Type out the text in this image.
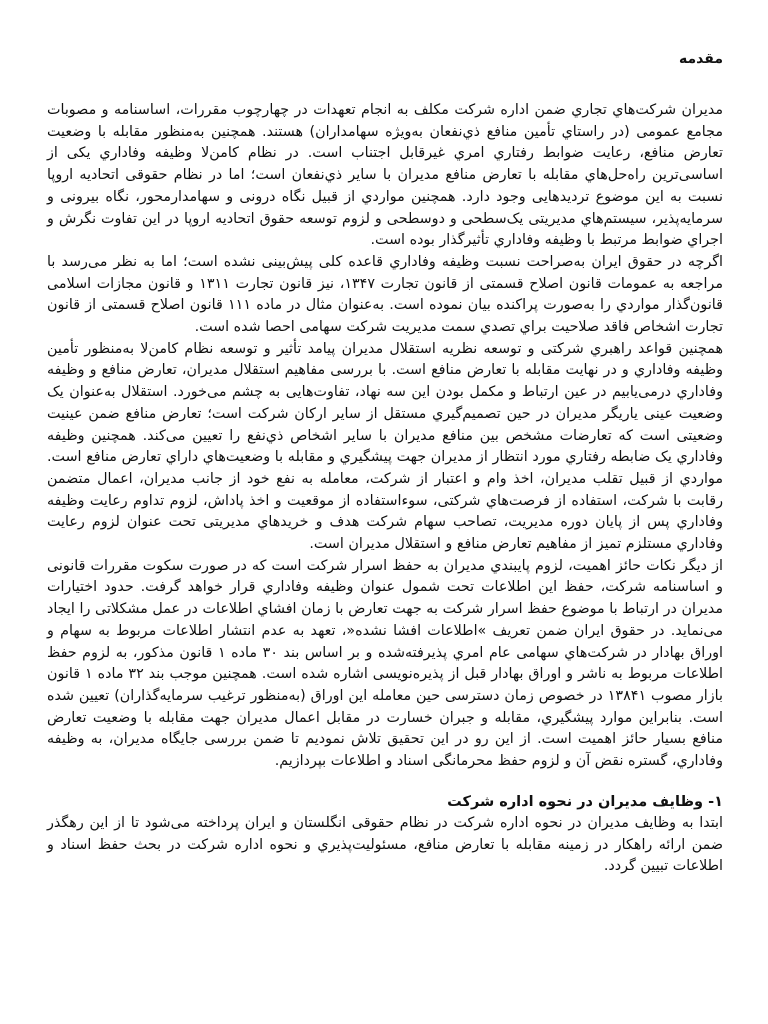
مقدمه

مديران شركت‌هاي تجاري ضمن اداره شركت مكلف به انجام تعهدات در چهارچوب مقررات، اساسنامه و مصوبات مجامع عمومی (در راستاي تأمين منافع ذي‌نفعان به‌ويژه سهامداران) هستند. همچنين به‌منظور مقابله با وضعيت تعارض منافع، رعايت ضوابط رفتاري امري غيرقابل اجتناب است. در نظام كامن‌لا وظيفه وفاداري یکی از اساسی‌ترين راه‌حل‌هاي مقابله با تعارض منافع مديران با ساير ذي‌نفعان است؛ اما در نظام حقوقی اتحاديه اروپا نسبت به اين موضوع ترديدهايی وجود دارد. همچنين مواردي از قبيل نگاه درونی و سهامدارمحور، نگاه بيرونی و سرمايه‌پذير، سيستم‌هاي مديريتی يک‌سطحی و دوسطحی و لزوم توسعه حقوق اتحاديه اروپا در اين تفاوت نگرش و اجراي ضوابط مرتبط با وظيفه وفاداري تأثيرگذار بوده است.

اگرچه در حقوق ايران به‌صراحت نسبت وظيفه وفاداري قاعده کلی پيش‌بينی نشده است؛ اما به نظر می‌رسد با مراجعه به عمومات قانون اصلاح قسمتی از قانون تجارت ۱۳۴۷، نيز قانون تجارت ۱۳۱۱ و قانون مجازات اسلامی قانون‌گذار مواردي را به‌صورت پراکنده بيان نموده است. به‌عنوان مثال در ماده ۱۱۱ قانون اصلاح قسمتی از قانون تجارت اشخاص فاقد صلاحيت براي تصدي سمت مديريت شركت سهامی احصا شده است.

همچنين قواعد راهبري شرکتی و توسعه نظريه استقلال مديران پيامد تأثير و توسعه نظام كامن‌لا به‌منظور تأمين وظيفه وفاداري و در نهايت مقابله با تعارض منافع است. با بررسی مفاهيم استقلال مديران، تعارض منافع و وظيفه وفاداري درمی‌يابيم در عين ارتباط و مکمل بودن اين سه نهاد، تفاوت‌هايی به چشم می‌خورد. استقلال به‌عنوان يک وضعيت عينی ياريگر مديران در حين تصميم‌گيري مستقل از ساير ارکان شركت است؛ تعارض منافع ضمن عينيت وضعيتی است که تعارضات مشخص بين منافع مديران با ساير اشخاص ذي‌نفع را تعيين می‌كند. همچنين وظيفه وفاداري يک ضابطه رفتاري مورد انتظار از مديران جهت پيشگيري و مقابله با وضعيت‌هاي داراي تعارض منافع است. مواردي از قبيل تقلب مديران، اخذ وام و اعتبار از شركت، معامله به نفع خود از جانب مديران، اعمال متضمن رقابت با شركت، استفاده از فرصت‌هاي شرکتی، سوءاستفاده از موقعيت و اخذ پاداش، لزوم تداوم رعايت وظيفه وفاداري پس از پايان دوره مديريت، تصاحب سهام شرکت هدف و خريدهاي مديريتی تحت عنوان لزوم رعايت وفاداري مستلزم تميز از مفاهيم تعارض منافع و استقلال مديران است.

از ديگر نکات حائز اهميت، لزوم پايبندي مديران به حفظ اسرار شرکت است كه در صورت سكوت مقررات قانونی و اساسنامه شركت، حفظ اين اطلاعات تحت شمول عنوان وظيفه وفاداري قرار خواهد گرفت. حدود اختيارات مديران در ارتباط با موضوع حفظ اسرار شركت به جهت تعارض با زمان افشاي اطلاعات در عمل مشکلاتی را ايجاد می‌نمايد. در حقوق ايران ضمن تعريف »اطلاعات افشا نشده«، تعهد به عدم انتشار اطلاعات مربوط به سهام و اوراق بهادار در شرکت‌هاي سهامی عام امري پذيرفته‌شده و بر اساس بند ۳۰ ماده ۱ قانون مذکور، به لزوم حفظ اطلاعات مربوط به ناشر و اوراق بهادار قبل از پذيره‌نويسی اشاره شده است. همچنين موجب بند ۳۲ ماده ۱ قانون بازار مصوب ۱۳۸۴۱ در خصوص زمان دسترسی حين معامله اين اوراق (به‌منظور ترغيب سرمايه‌گذاران) تعيين شده است. بنابراين موارد پيشگيري، مقابله و جبران خسارت در مقابل اعمال مديران جهت مقابله با وضعيت تعارض منافع بسيار حائز اهميت است. از اين رو در اين تحقيق تلاش نموديم تا ضمن بررسی جايگاه مديران، به وظيفه وفاداري، گستره نقض آن و لزوم حفظ محرمانگی اسناد و اطلاعات بپردازيم.

۱- وظايف مديران در نحوه اداره شركت

ابتدا به وظايف مديران در نحوه اداره شرکت در نظام حقوقی انگلستان و ايران پرداخته می‌شود تا از اين رهگذر ضمن ارائه راهکار در زمينه مقابله با تعارض منافع، مسئوليت‌پذيري و نحوه اداره شرکت در بحث حفظ اسناد و اطلاعات تبيين گردد.
